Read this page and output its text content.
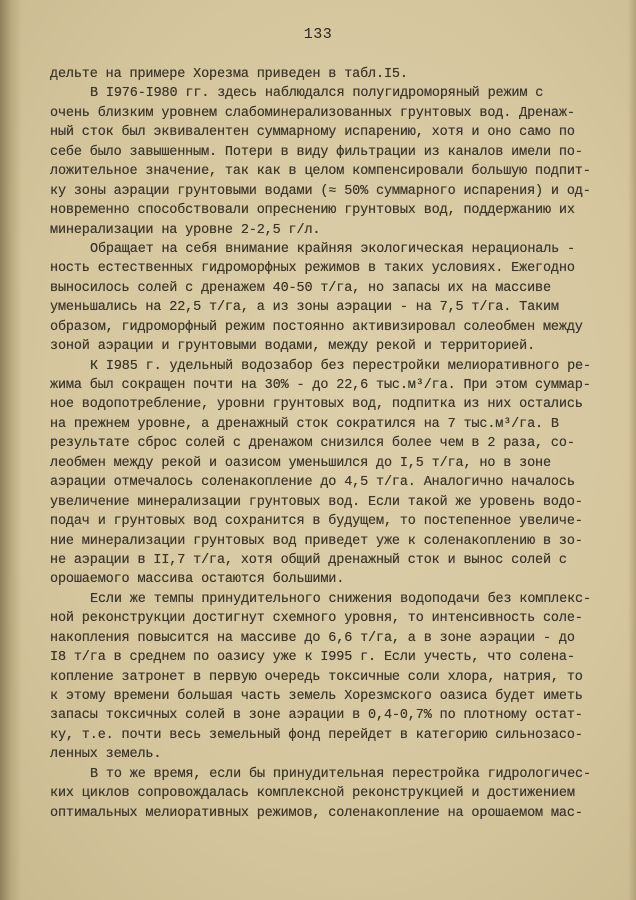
133
дельте на примере Хорезма приведен в табл.I5.
В I976-I980 гг. здесь наблюдался полугидроморяный режим с
очень близким уровнем слабоминерализованных грунтовых вод. Дренаж-
ный сток был эквивалентен суммарному испарению, хотя и оно само по
себе было завышенным. Потери в виду фильтрации из каналов имели по-
ложительное значение, так как в целом компенсировали большую подпит-
ку зоны аэрации грунтовыми водами (≈ 50% суммарного испарения) и од-
новременно способствовали опреснению грунтовых вод, поддержанию их
минерализации на уровне 2-2,5 г/л.
Обращает на себя внимание крайняя экологическая нерациональ -
ность естественных гидроморфных режимов в таких условиях. Ежегодно
выносилось солей с дренажем 40-50 т/га, но запасы их на массиве
уменьшались на 22,5 т/га, а из зоны аэрации - на 7,5 т/га. Таким
образом, гидроморфный режим постоянно активизировал солеобмен между
зоной аэрации и грунтовыми водами, между рекой и территорией.
К I985 г. удельный водозабор без перестройки мелиоративного ре-
жима был сокращен почти на 30% - до 22,6 тыс.м³/га. При этом суммар-
ное водопотребление, уровни грунтовых вод, подпитка из них остались
на прежнем уровне, а дренажный сток сократился на 7 тыс.м³/га. В
результате сброс солей с дренажом снизился более чем в 2 раза, со-
леобмен между рекой и оазисом уменьшился до I,5 т/га, но в зоне
аэрации отмечалось соленакопление до 4,5 т/га. Аналогично началось
увеличение минерализации грунтовых вод. Если такой же уровень водо-
подач и грунтовых вод сохранится в будущем, то постепенное увеличе-
ние минерализации грунтовых вод приведет уже к соленакоплению в зо-
не аэрации в II,7 т/га, хотя общий дренажный сток и вынос солей с
орошаемого массива остаются большими.
Если же темпы принудительного снижения водоподачи без комплекс-
ной реконструкции достигнут схемного уровня, то интенсивность соле-
накопления повысится на массиве до 6,6 т/га, а в зоне аэрации - до
I8 т/га в среднем по оазису уже к I995 г. Если учесть, что солена-
копление затронет в первую очередь токсичные соли хлора, натрия, то
к этому времени большая часть земель Хорезмского оазиса будет иметь
запасы токсичных солей в зоне аэрации в 0,4-0,7% по плотному остат-
ку, т.е. почти весь земельный фонд перейдет в категорию сильнозасо-
ленных земель.
В то же время, если бы принудительная перестройка гидрологичес-
ких циклов сопровождалась комплексной реконструкцией и достижением
оптимальных мелиоративных режимов, соленакопление на орошаемом мас-
